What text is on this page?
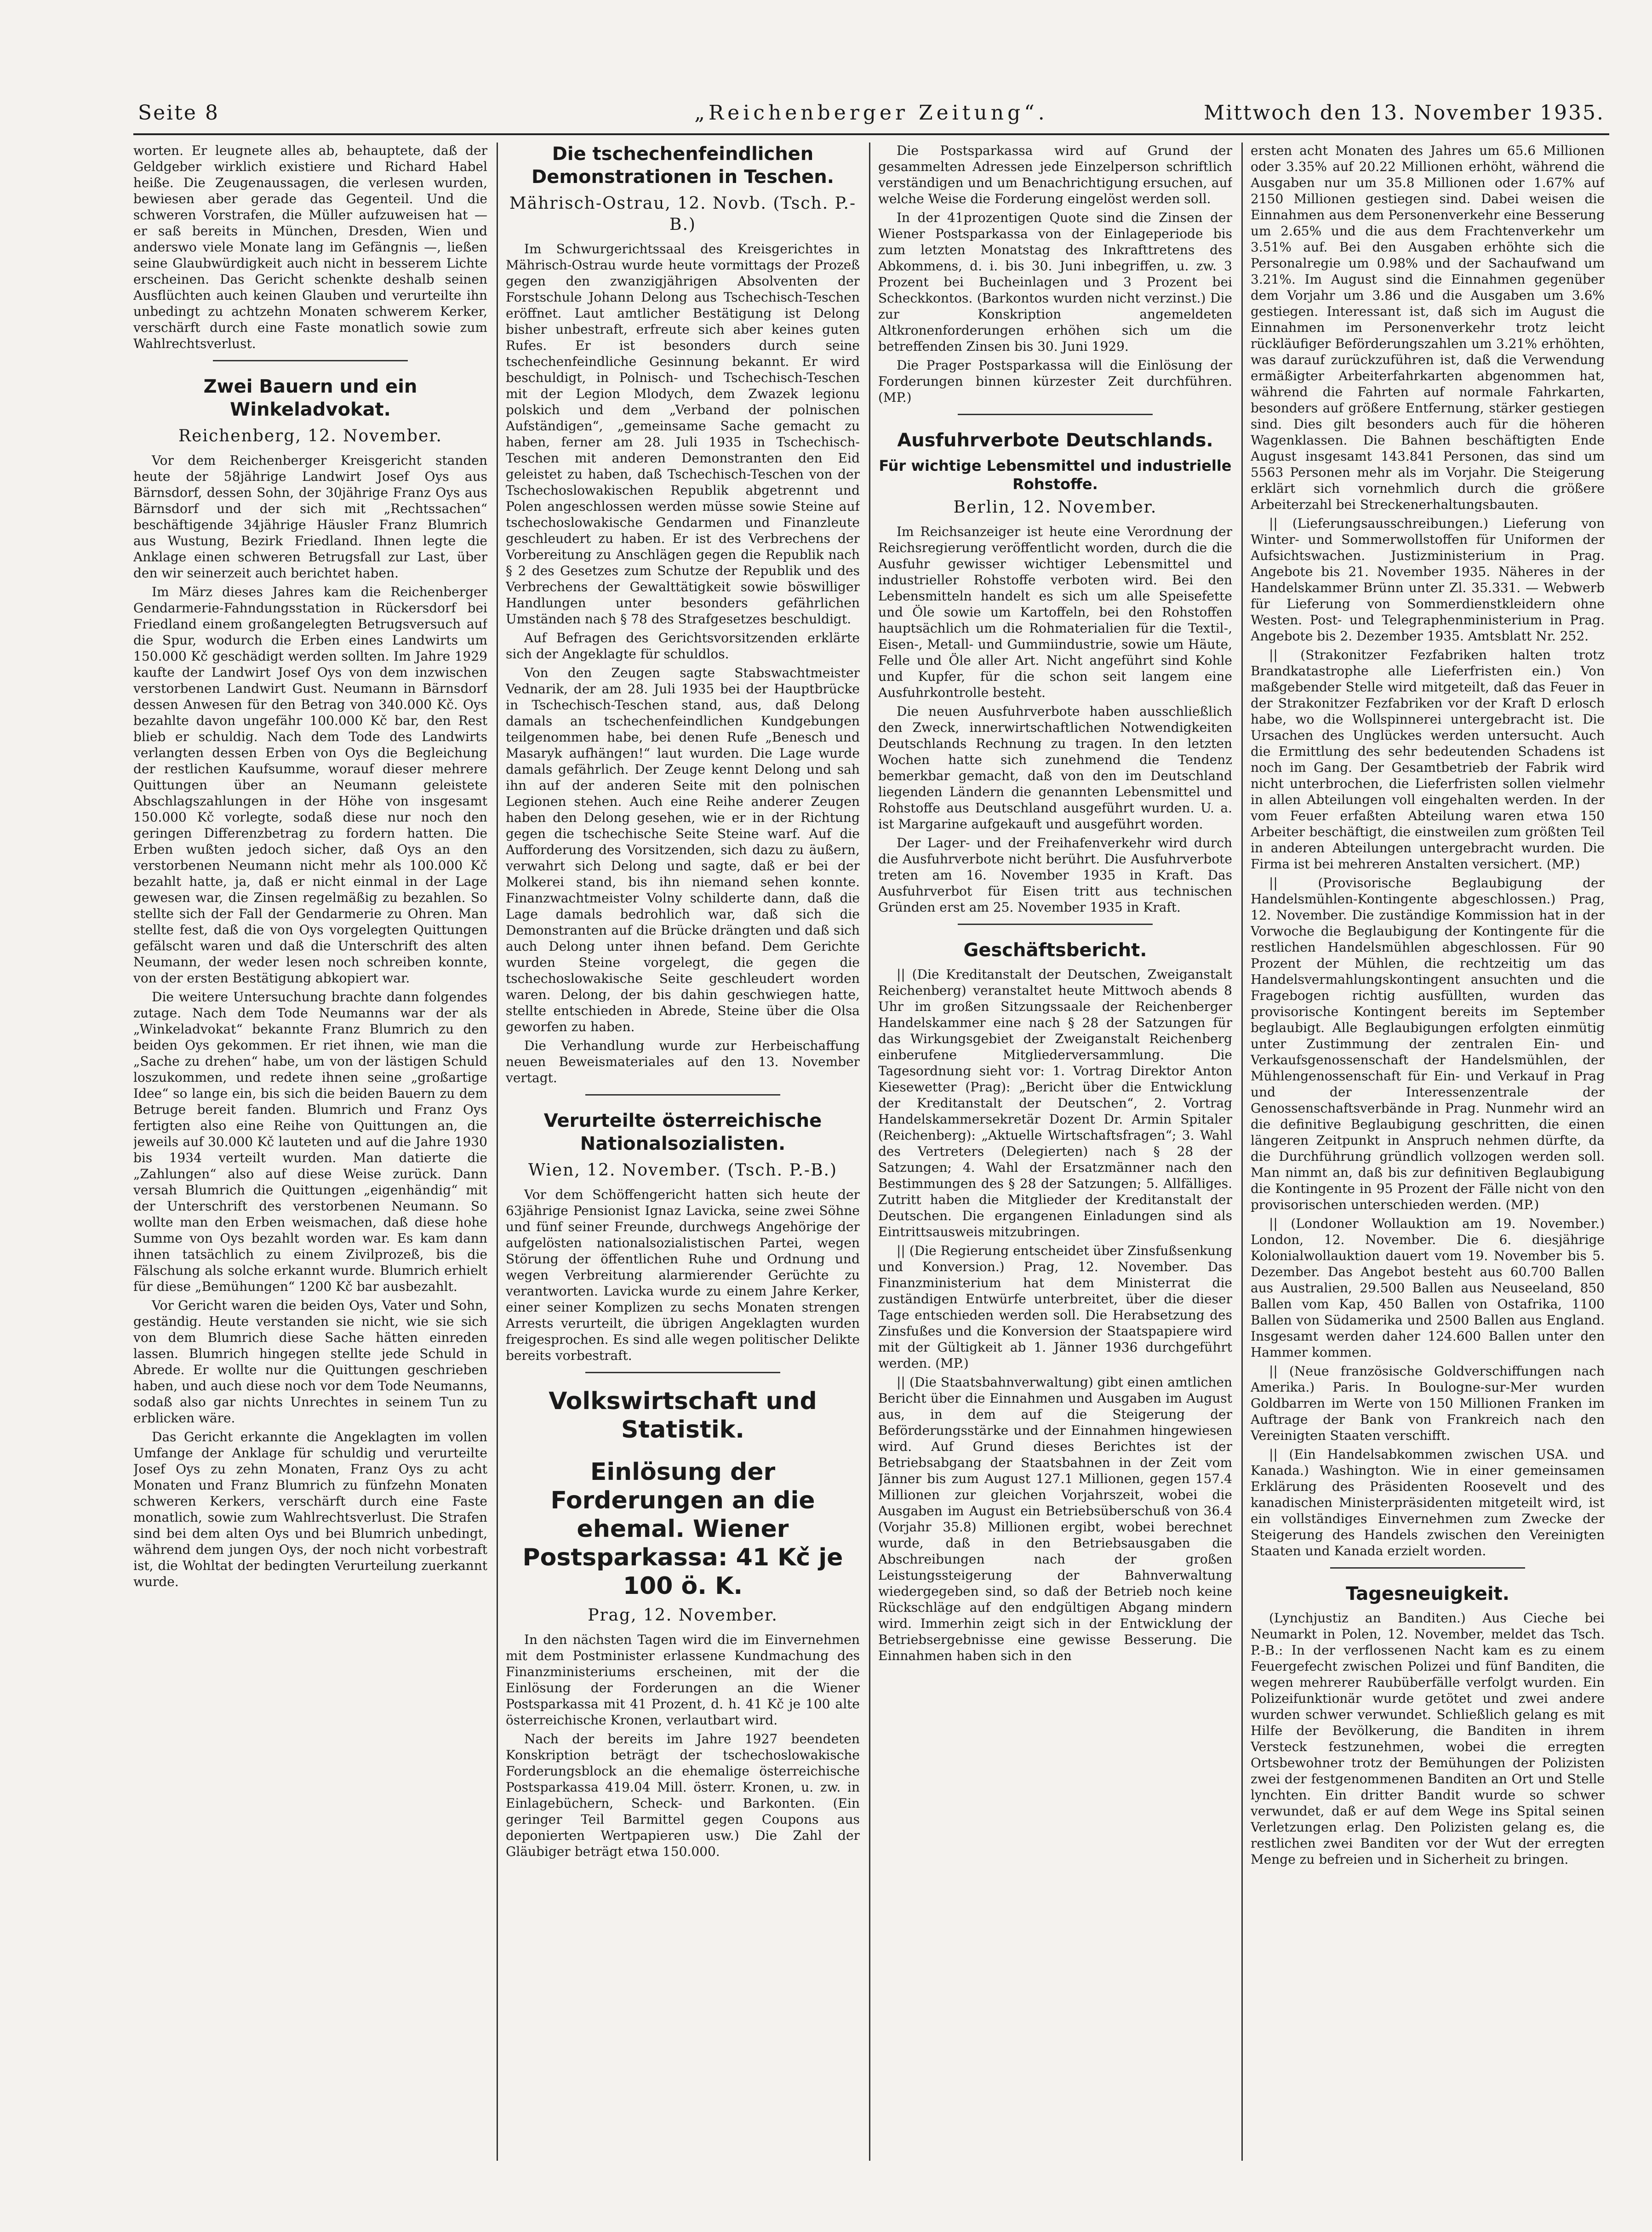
Seite 8	„Reichenberger Zeitung“.	Mittwoch den 13. November 1935.

worten. Er leugnete alles ab, behauptete, daß der Geldgeber wirklich existiere und Richard Habel heiße. Die Zeugenaussagen, die verlesen wurden, bewiesen aber gerade das Gegenteil. Und die schweren Vorstrafen, die Müller aufzuweisen hat — er saß bereits in München, Dresden, Wien und anderswo viele Monate lang im Gefängnis —, ließen seine Glaubwürdigkeit auch nicht in besserem Lichte erscheinen. Das Gericht schenkte deshalb seinen Ausflüchten auch keinen Glauben und verurteilte ihn unbedingt zu achtzehn Monaten schwerem Kerker, verschärft durch eine Faste monatlich sowie zum Wahlrechtsverlust.

Zwei Bauern und ein Winkeladvokat.
Reichenberg, 12. November.

Vor dem Reichenberger Kreisgericht standen heute der 58jährige Landwirt Josef Oys aus Bärnsdorf, dessen Sohn, der 30jährige Franz Oys aus Bärnsdorf und der sich mit „Rechtssachen“ beschäftigende 34jährige Häusler Franz Blumrich aus Wustung, Bezirk Friedland. Ihnen legte die Anklage einen schweren Betrugsfall zur Last, über den wir seinerzeit auch berichtet haben.

Im März dieses Jahres kam die Reichenberger Gendarmerie-Fahndungsstation in Rückersdorf bei Friedland einem großangelegten Betrugsversuch auf die Spur, wodurch die Erben eines Landwirts um 150.000 Kč geschädigt werden sollten. Im Jahre 1929 kaufte der Landwirt Josef Oys von dem inzwischen verstorbenen Landwirt Gust. Neumann in Bärnsdorf dessen Anwesen für den Betrag von 340.000 Kč. Oys bezahlte davon ungefähr 100.000 Kč bar, den Rest blieb er schuldig. Nach dem Tode des Landwirts verlangten dessen Erben von Oys die Begleichung der restlichen Kaufsumme, worauf dieser mehrere Quittungen über an Neumann geleistete Abschlagszahlungen in der Höhe von insgesamt 150.000 Kč vorlegte, sodaß diese nur noch den geringen Differenzbetrag zu fordern hatten. Die Erben wußten jedoch sicher, daß Oys an den verstorbenen Neumann nicht mehr als 100.000 Kč bezahlt hatte, ja, daß er nicht einmal in der Lage gewesen war, die Zinsen regelmäßig zu bezahlen. So stellte sich der Fall der Gendarmerie zu Ohren. Man stellte fest, daß die von Oys vorgelegten Quittungen gefälscht waren und daß die Unterschrift des alten Neumann, der weder lesen noch schreiben konnte, von der ersten Bestätigung abkopiert war.

Die weitere Untersuchung brachte dann folgendes zutage. Nach dem Tode Neumanns war der als „Winkeladvokat“ bekannte Franz Blumrich zu den beiden Oys gekommen. Er riet ihnen, wie man die „Sache zu drehen“ habe, um von der lästigen Schuld loszukommen, und redete ihnen seine „großartige Idee“ so lange ein, bis sich die beiden Bauern zu dem Betruge bereit fanden. Blumrich und Franz Oys fertigten also eine Reihe von Quittungen an, die jeweils auf 30.000 Kč lauteten und auf die Jahre 1930 bis 1934 verteilt wurden. Man datierte die „Zahlungen“ also auf diese Weise zurück. Dann versah Blumrich die Quittungen „eigenhändig“ mit der Unterschrift des verstorbenen Neumann. So wollte man den Erben weismachen, daß diese hohe Summe von Oys bezahlt worden war. Es kam dann ihnen tatsächlich zu einem Zivilprozeß, bis die Fälschung als solche erkannt wurde. Blumrich erhielt für diese „Bemühungen“ 1200 Kč bar ausbezahlt.

Vor Gericht waren die beiden Oys, Vater und Sohn, geständig. Heute verstanden sie nicht, wie sie sich von dem Blumrich diese Sache hätten einreden lassen. Blumrich hingegen stellte jede Schuld in Abrede. Er wollte nur die Quittungen geschrieben haben, und auch diese noch vor dem Tode Neumanns, sodaß also gar nichts Unrechtes in seinem Tun zu erblicken wäre.

Das Gericht erkannte die Angeklagten im vollen Umfange der Anklage für schuldig und verurteilte Josef Oys zu zehn Monaten, Franz Oys zu acht Monaten und Franz Blumrich zu fünfzehn Monaten schweren Kerkers, verschärft durch eine Faste monatlich, sowie zum Wahlrechtsverlust. Die Strafen sind bei dem alten Oys und bei Blumrich unbedingt, während dem jungen Oys, der noch nicht vorbestraft ist, die Wohltat der bedingten Verurteilung zuerkannt wurde.

Die tschechenfeindlichen Demonstrationen in Teschen.
Mährisch-Ostrau, 12. Novb. (Tsch. P.-B.)

Im Schwurgerichtssaal des Kreisgerichtes in Mährisch-Ostrau wurde heute vormittags der Prozeß gegen den zwanzigjährigen Absolventen der Forstschule Johann Delong aus Tschechisch-Teschen eröffnet. Laut amtlicher Bestätigung ist Delong bisher unbestraft, erfreute sich aber keines guten Rufes. Er ist besonders durch seine tschechenfeindliche Gesinnung bekannt. Er wird beschuldigt, in Polnisch- und Tschechisch-Teschen mit der Legion Mlodych, dem Zwazek legionu polskich und dem „Verband der polnischen Aufständigen“, „gemeinsame Sache gemacht zu haben, ferner am 28. Juli 1935 in Tschechisch-Teschen mit anderen Demonstranten den Eid geleistet zu haben, daß Tschechisch-Teschen von der Tschechoslowakischen Republik abgetrennt und Polen angeschlossen werden müsse sowie Steine auf tschechoslowakische Gendarmen und Finanzleute geschleudert zu haben. Er ist des Verbrechens der Vorbereitung zu Anschlägen gegen die Republik nach § 2 des Gesetzes zum Schutze der Republik und des Verbrechens der Gewalttätigkeit sowie böswilliger Handlungen unter besonders gefährlichen Umständen nach § 78 des Strafgesetzes beschuldigt.

Auf Befragen des Gerichtsvorsitzenden erklärte sich der Angeklagte für schuldlos.

Von den Zeugen sagte Stabswachtmeister Vednarik, der am 28. Juli 1935 bei der Hauptbrücke in Tschechisch-Teschen stand, aus, daß Delong damals an tschechenfeindlichen Kundgebungen teilgenommen habe, bei denen Rufe „Benesch und Masaryk aufhängen!“ laut wurden. Die Lage wurde damals gefährlich. Der Zeuge kennt Delong und sah ihn auf der anderen Seite mit den polnischen Legionen stehen. Auch eine Reihe anderer Zeugen haben den Delong gesehen, wie er in der Richtung gegen die tschechische Seite Steine warf. Auf die Aufforderung des Vorsitzenden, sich dazu zu äußern, verwahrt sich Delong und sagte, daß er bei der Molkerei stand, bis ihn niemand sehen konnte. Finanzwachtmeister Volny schilderte dann, daß die Lage damals bedrohlich war, daß sich die Demonstranten auf die Brücke drängten und daß sich auch Delong unter ihnen befand. Dem Gerichte wurden Steine vorgelegt, die gegen die tschechoslowakische Seite geschleudert worden waren. Delong, der bis dahin geschwiegen hatte, stellte entschieden in Abrede, Steine über die Olsa geworfen zu haben.

Die Verhandlung wurde zur Herbeischaffung neuen Beweismateriales auf den 13. November vertagt.

Verurteilte österreichische Nationalsozialisten.
Wien, 12. November. (Tsch. P.-B.)

Vor dem Schöffengericht hatten sich heute der 63jährige Pensionist Ignaz Lavicka, seine zwei Söhne und fünf seiner Freunde, durchwegs Angehörige der aufgelösten nationalsozialistischen Partei, wegen Störung der öffentlichen Ruhe und Ordnung und wegen Verbreitung alarmierender Gerüchte zu verantworten. Lavicka wurde zu einem Jahre Kerker, einer seiner Komplizen zu sechs Monaten strengen Arrests verurteilt, die übrigen Angeklagten wurden freigesprochen. Es sind alle wegen politischer Delikte bereits vorbestraft.

Volkswirtschaft und Statistik.
Einlösung der Forderungen an die ehemal. Wiener Postsparkassa: 41 Kč je 100 ö. K.
Prag, 12. November.

In den nächsten Tagen wird die im Einvernehmen mit dem Postminister erlassene Kundmachung des Finanzministeriums erscheinen, mit der die Einlösung der Forderungen an die Wiener Postsparkassa mit 41 Prozent, d. h. 41 Kč je 100 alte österreichische Kronen, verlautbart wird.

Nach der bereits im Jahre 1927 beendeten Konskription beträgt der tschechoslowakische Forderungsblock an die ehemalige österreichische Postsparkassa 419.04 Mill. österr. Kronen, u. zw. in Einlagebüchern, Scheck- und Barkonten. (Ein geringer Teil Barmittel gegen Coupons aus deponierten Wertpapieren usw.) Die Zahl der Gläubiger beträgt etwa 150.000.

Die Postsparkassa wird auf Grund der gesammelten Adressen jede Einzelperson schriftlich verständigen und um Benachrichtigung ersuchen, auf welche Weise die Forderung eingelöst werden soll.

In der 41prozentigen Quote sind die Zinsen der Wiener Postsparkassa von der Einlageperiode bis zum letzten Monatstag des Inkrafttretens des Abkommens, d. i. bis 30. Juni inbegriffen, u. zw. 3 Prozent bei Bucheinlagen und 3 Prozent bei Scheckkontos. (Barkontos wurden nicht verzinst.) Die zur Konskription angemeldeten Altkronenforderungen erhöhen sich um die betreffenden Zinsen bis 30. Juni 1929.

Die Prager Postsparkassa will die Einlösung der Forderungen binnen kürzester Zeit durchführen. (MP.)

Ausfuhrverbote Deutschlands.
Für wichtige Lebensmittel und industrielle Rohstoffe.
Berlin, 12. November.

Im Reichsanzeiger ist heute eine Verordnung der Reichsregierung veröffentlicht worden, durch die die Ausfuhr gewisser wichtiger Lebensmittel und industrieller Rohstoffe verboten wird. Bei den Lebensmitteln handelt es sich um alle Speisefette und Öle sowie um Kartoffeln, bei den Rohstoffen hauptsächlich um die Rohmaterialien für die Textil-, Eisen-, Metall- und Gummiindustrie, sowie um Häute, Felle und Öle aller Art. Nicht angeführt sind Kohle und Kupfer, für die schon seit langem eine Ausfuhrkontrolle besteht.

Die neuen Ausfuhrverbote haben ausschließlich den Zweck, innerwirtschaftlichen Notwendigkeiten Deutschlands Rechnung zu tragen. In den letzten Wochen hatte sich zunehmend die Tendenz bemerkbar gemacht, daß von den im Deutschland liegenden Ländern die genannten Lebensmittel und Rohstoffe aus Deutschland ausgeführt wurden. U. a. ist Margarine aufgekauft und ausgeführt worden.

Der Lager- und der Freihafenverkehr wird durch die Ausfuhrverbote nicht berührt. Die Ausfuhrverbote treten am 16. November 1935 in Kraft. Das Ausfuhrverbot für Eisen tritt aus technischen Gründen erst am 25. November 1935 in Kraft.

Geschäftsbericht.

|| (Die Kreditanstalt der Deutschen, Zweiganstalt Reichenberg) veranstaltet heute Mittwoch abends 8 Uhr im großen Sitzungssaale der Reichenberger Handelskammer eine nach § 28 der Satzungen für das Wirkungsgebiet der Zweiganstalt Reichenberg einberufene Mitgliederversammlung. Die Tagesordnung sieht vor: 1. Vortrag Direktor Anton Kiesewetter (Prag): „Bericht über die Entwicklung der Kreditanstalt der Deutschen“, 2. Vortrag Handelskammersekretär Dozent Dr. Armin Spitaler (Reichenberg): „Aktuelle Wirtschaftsfragen“; 3. Wahl des Vertreters (Delegierten) nach § 28 der Satzungen; 4. Wahl der Ersatzmänner nach den Bestimmungen des § 28 der Satzungen; 5. Allfälliges. Zutritt haben die Mitglieder der Kreditanstalt der Deutschen. Die ergangenen Einladungen sind als Eintrittsausweis mitzubringen.

|| (Die Regierung entscheidet über Zinsfußsenkung und Konversion.) Prag, 12. November. Das Finanzministerium hat dem Ministerrat die zuständigen Entwürfe unterbreitet, über die dieser Tage entschieden werden soll. Die Herabsetzung des Zinsfußes und die Konversion der Staatspapiere wird mit der Gültigkeit ab 1. Jänner 1936 durchgeführt werden. (MP.)

|| (Die Staatsbahnverwaltung) gibt einen amtlichen Bericht über die Einnahmen und Ausgaben im August aus, in dem auf die Steigerung der Beförderungsstärke und der Einnahmen hingewiesen wird. Auf Grund dieses Berichtes ist der Betriebsabgang der Staatsbahnen in der Zeit vom Jänner bis zum August 127.1 Millionen, gegen 157.4 Millionen zur gleichen Vorjahrszeit, wobei die Ausgaben im August ein Betriebsüberschuß von 36.4 (Vorjahr 35.8) Millionen ergibt, wobei berechnet wurde, daß in den Betriebsausgaben die Abschreibungen nach der großen Leistungssteigerung der Bahnverwaltung wiedergegeben sind, so daß der Betrieb noch keine Rückschläge auf den endgültigen Abgang mindern wird. Immerhin zeigt sich in der Entwicklung der Betriebsergebnisse eine gewisse Besserung. Die Einnahmen haben sich in den

ersten acht Monaten des Jahres um 65.6 Millionen oder 3.35% auf 20.22 Millionen erhöht, während die Ausgaben nur um 35.8 Millionen oder 1.67% auf 2150 Millionen gestiegen sind. Dabei weisen die Einnahmen aus dem Personenverkehr eine Besserung um 2.65% und die aus dem Frachtenverkehr um 3.51% auf. Bei den Ausgaben erhöhte sich die Personalregie um 0.98% und der Sachaufwand um 3.21%. Im August sind die Einnahmen gegenüber dem Vorjahr um 3.86 und die Ausgaben um 3.6% gestiegen. Interessant ist, daß sich im August die Einnahmen im Personenverkehr trotz leicht rückläufiger Beförderungszahlen um 3.21% erhöhten, was darauf zurückzuführen ist, daß die Verwendung ermäßigter Arbeiterfahrkarten abgenommen hat, während die Fahrten auf normale Fahrkarten, besonders auf größere Entfernung, stärker gestiegen sind. Dies gilt besonders auch für die höheren Wagenklassen. Die Bahnen beschäftigten Ende August insgesamt 143.841 Personen, das sind um 5563 Personen mehr als im Vorjahr. Die Steigerung erklärt sich vornehmlich durch die größere Arbeiterzahl bei Streckenerhaltungsbauten.

|| (Lieferungsausschreibungen.) Lieferung von Winter- und Sommerwollstoffen für Uniformen der Aufsichtswachen. Justizministerium in Prag. Angebote bis 21. November 1935. Näheres in der Handelskammer Brünn unter Zl. 35.331. — Webwerb für Lieferung von Sommerdienstkleidern ohne Westen. Post- und Telegraphenministerium in Prag. Angebote bis 2. Dezember 1935. Amtsblatt Nr. 252.

|| (Strakonitzer Fezfabriken halten trotz Brandkatastrophe alle Lieferfristen ein.) Von maßgebender Stelle wird mitgeteilt, daß das Feuer in der Strakonitzer Fezfabriken vor der Kraft D erlosch habe, wo die Wollspinnerei untergebracht ist. Die Ursachen des Unglückes werden untersucht. Auch die Ermittlung des sehr bedeutenden Schadens ist noch im Gang. Der Gesamtbetrieb der Fabrik wird nicht unterbrochen, die Lieferfristen sollen vielmehr in allen Abteilungen voll eingehalten werden. In der vom Feuer erfaßten Abteilung waren etwa 150 Arbeiter beschäftigt, die einstweilen zum größten Teil in anderen Abteilungen untergebracht wurden. Die Firma ist bei mehreren Anstalten versichert. (MP.)

|| (Provisorische Beglaubigung der Handelsmühlen-Kontingente abgeschlossen.) Prag, 12. November. Die zuständige Kommission hat in der Vorwoche die Beglaubigung der Kontingente für die restlichen Handelsmühlen abgeschlossen. Für 90 Prozent der Mühlen, die rechtzeitig um das Handelsvermahlungskontingent ansuchten und die Fragebogen richtig ausfüllten, wurden das provisorische Kontingent bereits im September beglaubigt. Alle Beglaubigungen erfolgten einmütig unter Zustimmung der zentralen Ein- und Verkaufsgenossenschaft der Handelsmühlen, der Mühlengenossenschaft für Ein- und Verkauf in Prag und der Interessenzentrale der Genossenschaftsverbände in Prag. Nunmehr wird an die definitive Beglaubigung geschritten, die einen längeren Zeitpunkt in Anspruch nehmen dürfte, da die Durchführung gründlich vollzogen werden soll. Man nimmt an, daß bis zur definitiven Beglaubigung die Kontingente in 95 Prozent der Fälle nicht von den provisorischen unterschieden werden. (MP.)

|| (Londoner Wollauktion am 19. November.) London, 12. November. Die 6. diesjährige Kolonialwollauktion dauert vom 19. November bis 5. Dezember. Das Angebot besteht aus 60.700 Ballen aus Australien, 29.500 Ballen aus Neuseeland, 850 Ballen vom Kap, 450 Ballen von Ostafrika, 1100 Ballen von Südamerika und 2500 Ballen aus England. Insgesamt werden daher 124.600 Ballen unter den Hammer kommen.

|| (Neue französische Goldverschiffungen nach Amerika.) Paris. In Boulogne-sur-Mer wurden Goldbarren im Werte von 150 Millionen Franken im Auftrage der Bank von Frankreich nach den Vereinigten Staaten verschifft.

|| (Ein Handelsabkommen zwischen USA. und Kanada.) Washington. Wie in einer gemeinsamen Erklärung des Präsidenten Roosevelt und des kanadischen Ministerpräsidenten mitgeteilt wird, ist ein vollständiges Einvernehmen zum Zwecke der Steigerung des Handels zwischen den Vereinigten Staaten und Kanada erzielt worden.

Tagesneuigkeit.

(Lynchjustiz an Banditen.) Aus Cieche bei Neumarkt in Polen, 12. November, meldet das Tsch. P.-B.: In der verflossenen Nacht kam es zu einem Feuergefecht zwischen Polizei und fünf Banditen, die wegen mehrerer Raubüberfälle verfolgt wurden. Ein Polizeifunktionär wurde getötet und zwei andere wurden schwer verwundet. Schließlich gelang es mit Hilfe der Bevölkerung, die Banditen in ihrem Versteck festzunehmen, wobei die erregten Ortsbewohner trotz der Bemühungen der Polizisten zwei der festgenommenen Banditen an Ort und Stelle lynchten. Ein dritter Bandit wurde so schwer verwundet, daß er auf dem Wege ins Spital seinen Verletzungen erlag. Den Polizisten gelang es, die restlichen zwei Banditen vor der Wut der erregten Menge zu befreien und in Sicherheit zu bringen.
